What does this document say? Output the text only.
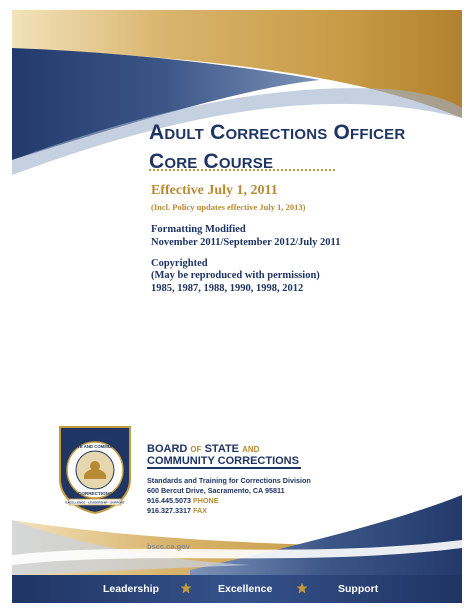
Adult Corrections Officer
Core Course
Effective July 1, 2011
(Incl. Policy updates effective July 1, 2013)
Formatting Modified
November 2011/September 2012/July 2011
Copyrighted
(May be reproduced with permission)
1985, 1987, 1988, 1990, 1998, 2012
BOARD OF
STATE AND COMMUNITY
CORRECTIONS
EXCELLENCE · LEADERSHIP · SUPPORT
BOARD OF STATE AND
COMMUNITY CORRECTIONS
Standards and Training for Corrections Division
600 Bercut Drive, Sacramento, CA 95811
916.445.5073 PHONE
916.327.3317 FAX
bscc.ca.gov
Leadership	Excellence	Support
